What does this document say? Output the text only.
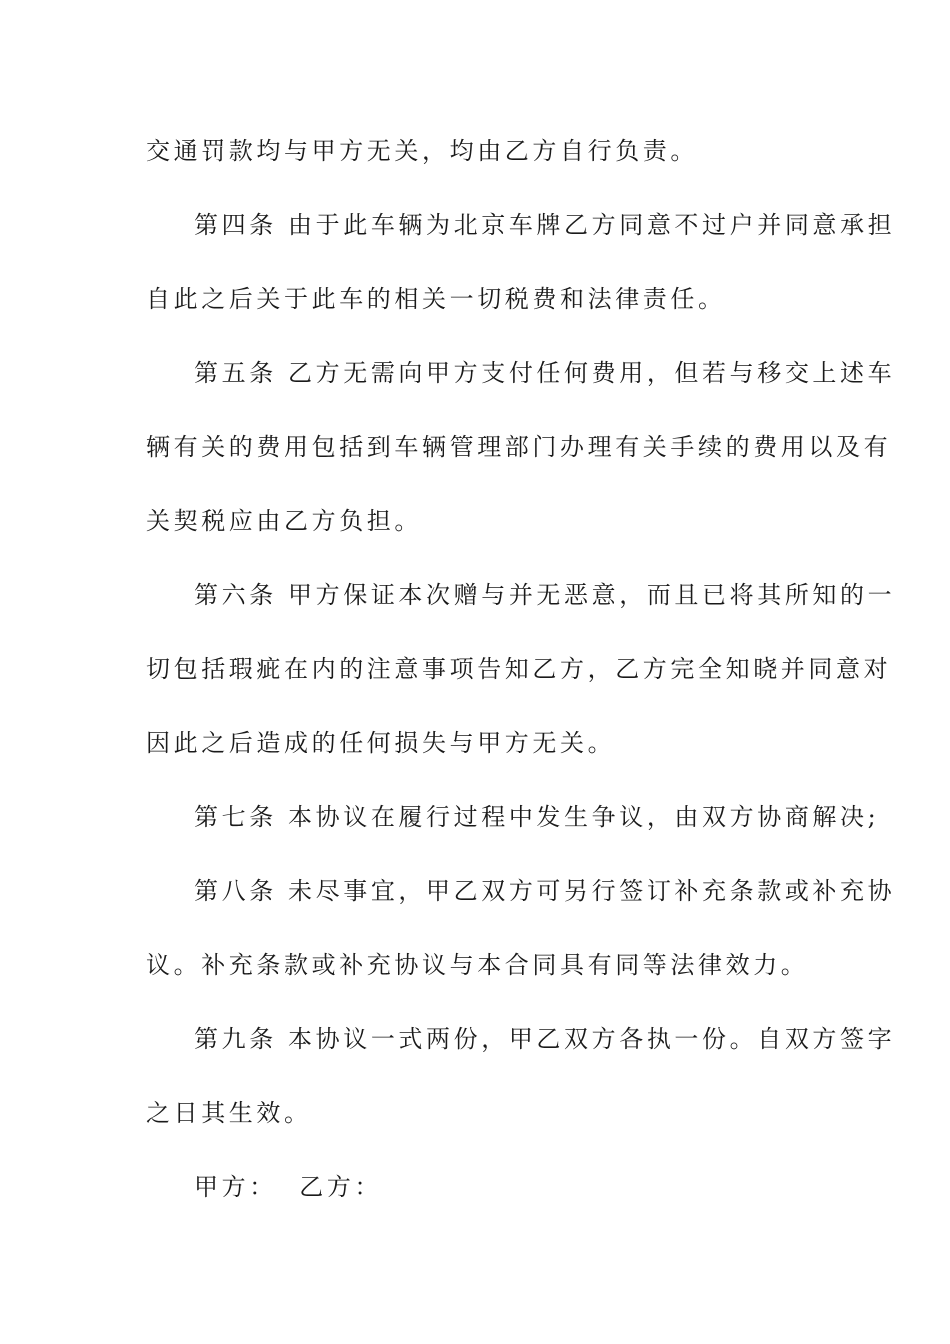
交通罚款均与甲方无关，均由乙方自行负责。
第四条 由于此车辆为北京车牌乙方同意不过户并同意承担
自此之后关于此车的相关一切税费和法律责任。
第五条 乙方无需向甲方支付任何费用，但若与移交上述车
辆有关的费用包括到车辆管理部门办理有关手续的费用以及有
关契税应由乙方负担。
第六条 甲方保证本次赠与并无恶意，而且已将其所知的一
切包括瑕疵在内的注意事项告知乙方，乙方完全知晓并同意对
因此之后造成的任何损失与甲方无关。
第七条 本协议在履行过程中发生争议，由双方协商解决;
第八条 未尽事宜，甲乙双方可另行签订补充条款或补充协
议。补充条款或补充协议与本合同具有同等法律效力。
第九条 本协议一式两份，甲乙双方各执一份。自双方签字
之日其生效。
甲方：  乙方：
